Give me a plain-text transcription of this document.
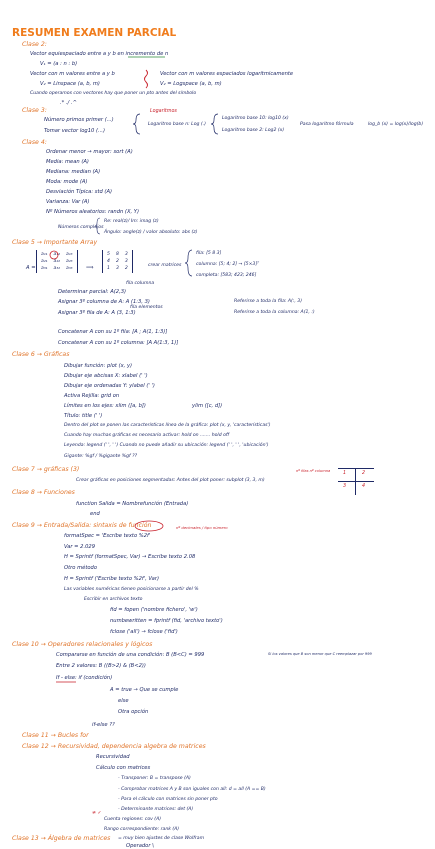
RESUMEN EXAMEN PARCIAL
Clase 2:
Vector equiespaciado entre a y b en incremento de n
V₁ = (a : n : b)
Vector con m valores entre a y b	Vector con m valores espaciados logaritmicamente
V₂ = Linspace (a, b, m)	V₂ = Logspace (a, b, m)
Cuando operamos con vectores hay que poner un pto antes del símbolo
.* ./ .^
Clase 3:
Número primos primer (...)
Logaritmos
Tomar vector log10 (...)
Logaritmo base n: Log (.)
Logaritmo base 10: log10 (x)
Logaritmo base 2: Log2 (x)
Pasa logaritmo fórmula	log_b (x) = log(x)/log(b)
Clase 4:
Ordenar menor → mayor: sort (A)
Media: mean (A)
Mediana: median (A)
Moda: mode (A)
Desviación Típica: std (A)
Varianza: Var (A)
Nº Números aleatorios: randn (X, Y)
Re: real(z)/ Im: imag (z)
Números complejos
Ángulo: angle(z) / valor absoluto: abs (z)
Clase 5 → Importante Array
A =
a₁₁	a₁₂	a₁₃
a₂₁	a₂₂	a₂₃
a₃₁	a₃₂	a₃₃	⟹
5	8	3
4	2	3
1	3	2
crear matrices
fila: [5 8 3]
columna: [5; 4; 2] → [5×3]ᵀ
completa: [583; 423; 246]
fila columna
Determinar parcial: A(2,3)
Asignar 3º columna de A: A (1:3, 3)
fila elementos
Asignar 3º fila de A: A (3, 1:3)
Referirse a toda la fila: A(:, 3)
Referirse a toda la columna: A(1, :)
Concatenar A con su 1º fila: [A ; A(1, 1:3)]
Concatenar A con su 1º columna: [A A(1:3, 1)]
Clase 6 → Gráficas
Dibujar función: plot (x, y)
Dibujar eje abcisas X: xlabel (' ')
Dibujar eje ordenadas Y: ylabel (' ')
Activa Rejilla: grid on
Límites en los ejes: xlim ([a, b])	ylim ([c, d])
Título: title (' ')
Dentro del plot se ponen las características línea de la gráfica: plot (x, y, 'características')
Cuando hay muchas gráficas es necesario activar: hold on ....... hold off
Leyenda: legend (' ', ' ') Cuando no puede añadir su ubicación: legend (' ', ' ', 'ubicación')
Gigante: %gf / %gigante %gf ??
Clase 7 → gráficas (3)
Crear gráficas en posiciones segmentadas: Antes del plot poner: subplot (3, 3, m)
nº filas nº columna	1	2
3	4
Clase 8 → Funciones
function Salida = Nombrefunción (Entrada)
end
Clase 9 → Entrada/Salida: sintaxis de función	nº decimales / tipo número
formatSpec = 'Escribe texto %2f'
Var = 2.029
H = Sprintf (formatSpec, Var) → Escribe texto 2.08
Otro método
H = Sprintf ('Escribe texto %2f', Var)
Las variables numéricas tienen posicionarse a partir del %
Escribir en archivos texto
fid = fopen ('nombre fichero', 'w')
numbewritten = fprintf (fid, 'archivo texto')
fclose ('all') → fclose ('fid')
Clase 10 → Operadores relacionales y lógicos
Compararse en función de una condición: B (B<C) = 999	Si los valores que B son menor que C reemplazar por 999
Entre 2 valores: B ((B>2) & (B<2))
If - else: if (condición)
A = true → Que se cumple
else
Otra opción
if-else ??
Clase 11 → Bucles for
Clase 12 → Recursividad, dependencia algebra de matrices
Recursividad
Cálculo con matrices
- Transponer: B = transpose (A)
- Comprobar matrices A y B son iguales con all: d = all (A == B)
- Para el cálculo con matrices sin poner pto
- Determinante matrices: det (A)
≠ ✓
Cuenta regiones: cov (A)
Rango correspondiente: rank (A)
Clase 13 → Álgebra de matrices = muy bien ajustes de clase Wolfram
Operador \
